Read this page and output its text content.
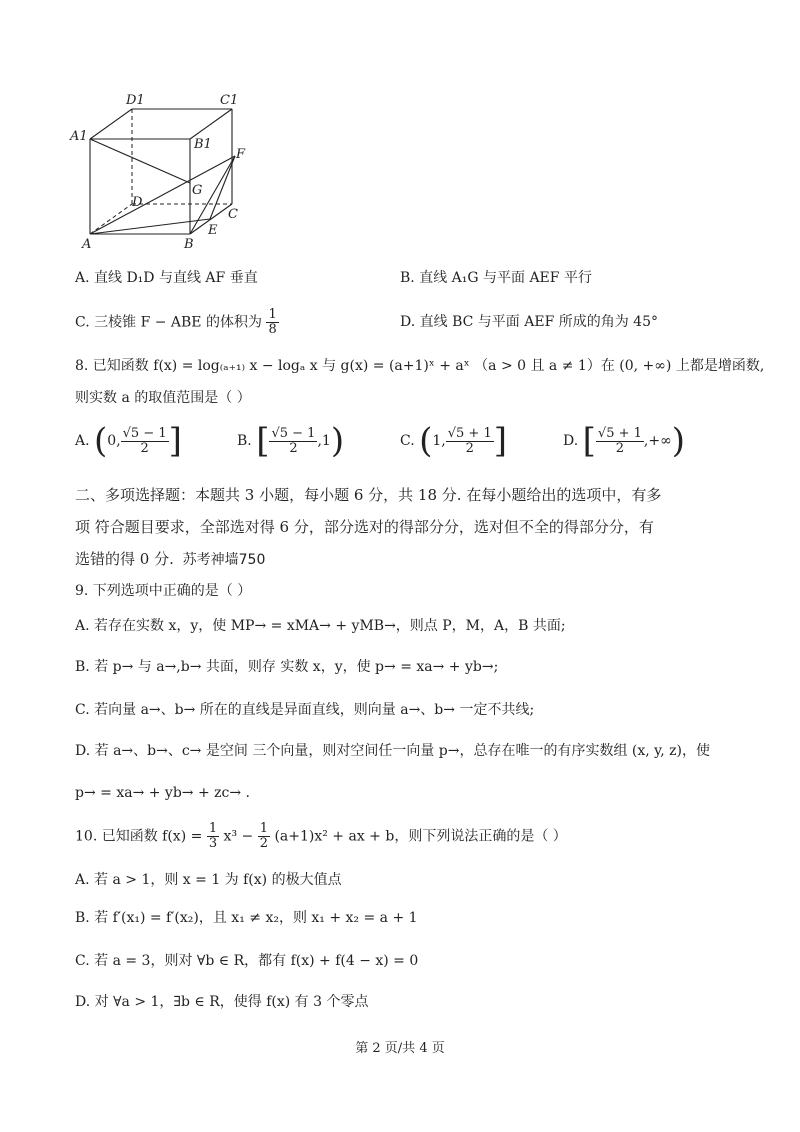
D1	C1
A1
B1
F
G
D
C
E
A	B
A. 直线 D₁D 与直线 AF 垂直	B. 直线 A₁G 与平面 AEF 平行
C. 三棱锥 F − ABE 的体积为 $\frac{1}{8}$	D. 直线 BC 与平面 AEF 所成的角为 45°
8. 已知函数 f(x) = log₍ₐ₊₁₎ x − logₐ x 与 g(x) = (a+1)ˣ + aˣ （a > 0 且 a ≠ 1）在 (0, +∞) 上都是增函数,
则实数 a 的取值范围是（ ）
A. (0, $\frac{√5 - 1}{2}$ ]	B. [ $\frac{√5 - 1}{2} ,1$)	C. (1, $\frac{√5 + 1}{2}$ ]	D. [ $\frac{√5 + 1}{2}$ ,+∞)
二、多项选择题：本题共 3 小题，每小题 6 分，共 18 分. 在每小题给出的选项中，有多
项 符合题目要求，全部选对得 6 分，部分选对的得部分分，选对但不全的得部分分，有
选错的得 0 分. 苏考神墙750
9. 下列选项中正确的是（ ）
A. 若存在实数 x，y，使 MP→ = xMA→ + yMB→，则点 P，M，A，B 共面;
B. 若 p→ 与 a→,b→ 共面，则存 实数 x，y，使 p→ = xa→ + yb→;
C. 若向量 a→、b→ 所在的直线是异面直线，则向量 a→、b→ 一定不共线;
D. 若 a→、b→、c→ 是空间 三个向量，则对空间任一向量 p→，总存在唯一的有序实数组 (x, y, z)，使
p→ = xa→ + yb→ + zc→ .
10. 已知函数 $f(x) = \frac{1}{3} x^3 - \frac{1}{2} (a+1)x^2$ + ax + b，则下列说法正确的是（ ）
A. 若 a > 1，则 x = 1 为 f(x) 的极大值点
B. 若 f′(x₁) = f′(x₂)，且 x₁ ≠ x₂，则 x₁ + x₂ = a + 1
C. 若 a = 3，则对 ∀b ∈ R，都有 f(x) + f(4 − x) = 0
D. 对 ∀a > 1，∃b ∈ R，使得 f(x) 有 3 个零点
第 2 页/共 4 页
